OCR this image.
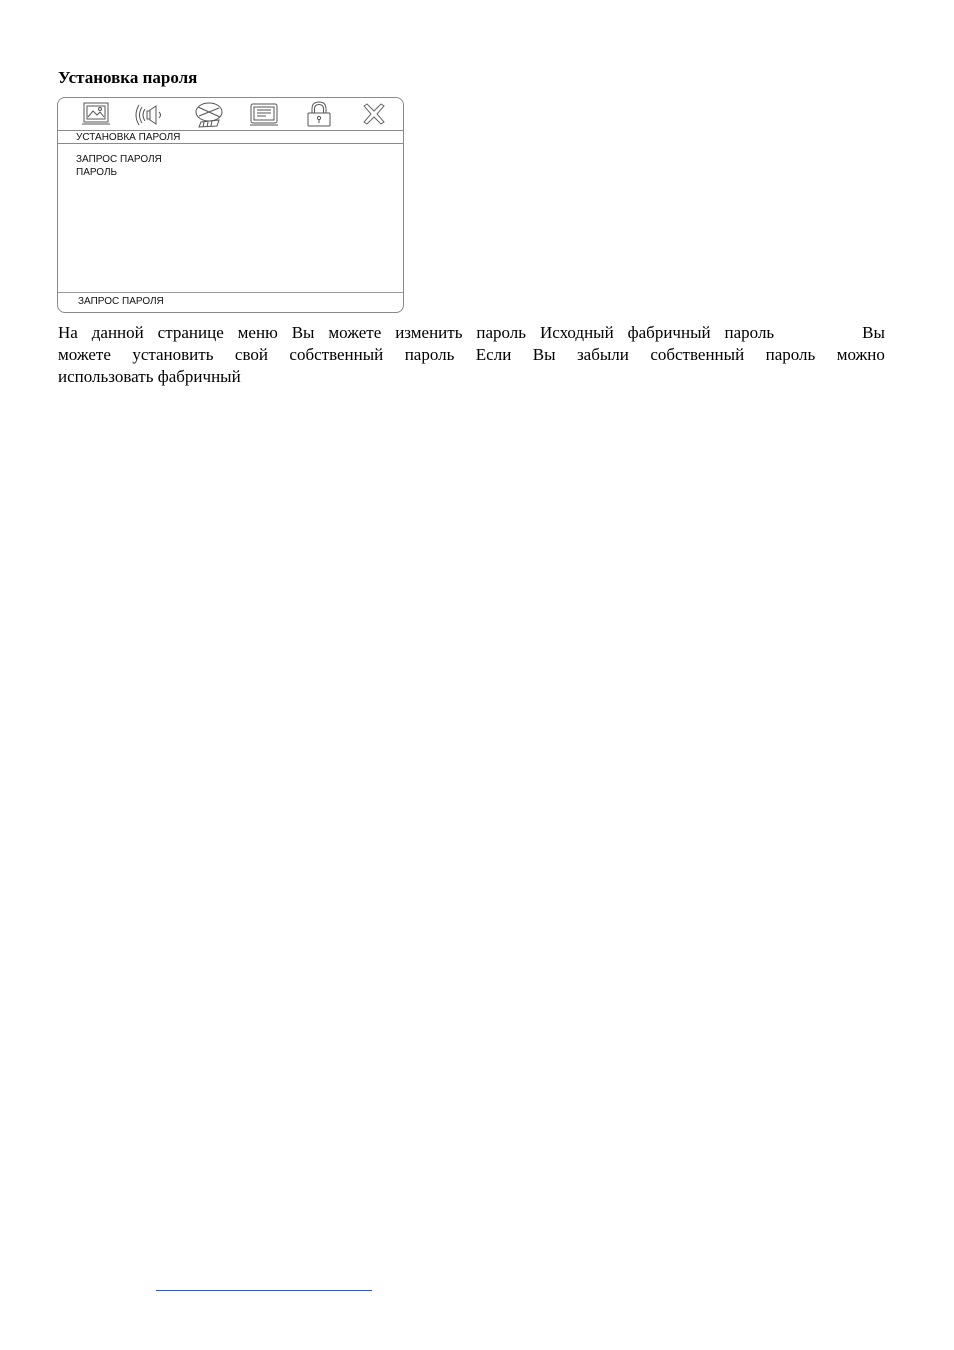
Установка пароля
УСТАНОВКА ПАРОЛЯ
ЗАПРОС ПАРОЛЯ
ПАРОЛЬ
ЗАПРОС ПАРОЛЯ
На данной странице меню Вы можете изменить пароль Исходный фабричный пароль	Вы
можете установить свой собственный пароль Если Вы забыли собственный пароль можно
использовать фабричный
